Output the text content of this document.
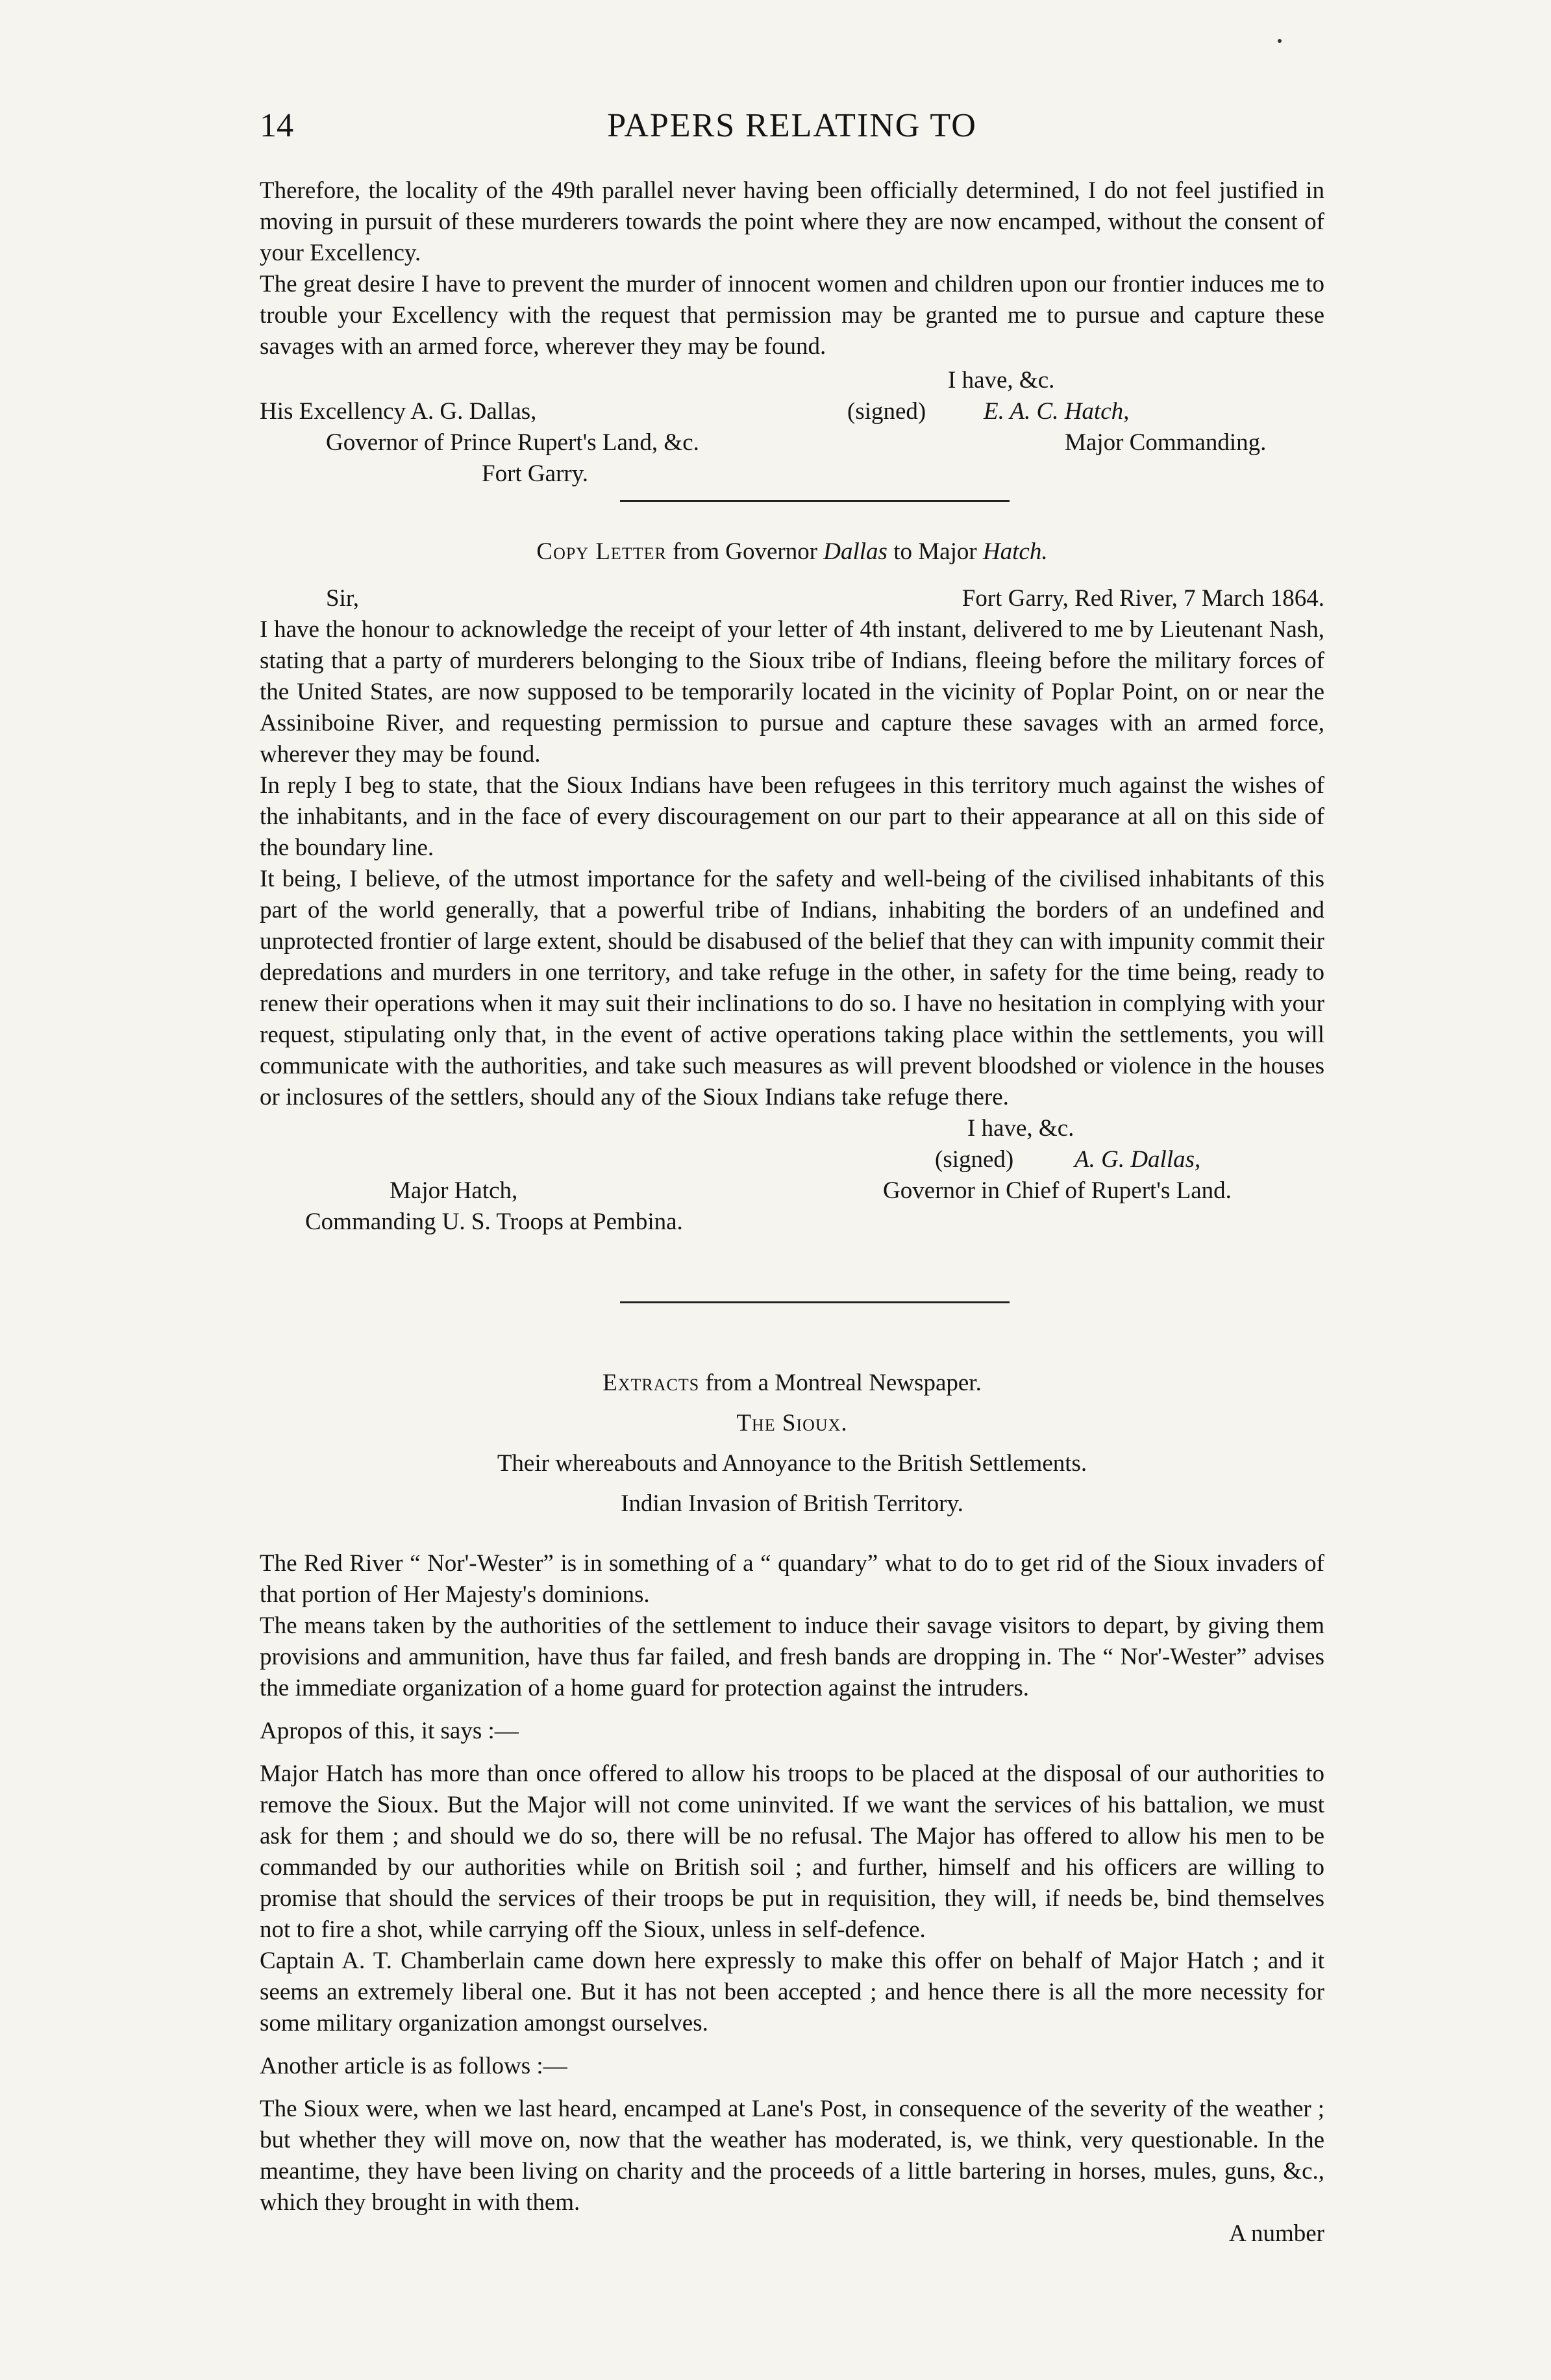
14	PAPERS RELATING TO

Therefore, the locality of the 49th parallel never having been officially determined, I do not feel justified in moving in pursuit of these murderers towards the point where they are now encamped, without the consent of your Excellency.

The great desire I have to prevent the murder of innocent women and children upon our frontier induces me to trouble your Excellency with the request that permission may be granted me to pursue and capture these savages with an armed force, wherever they may be found.

I have, &c.
His Excellency A. G. Dallas,	(signed) E. A. C. Hatch,
Governor of Prince Rupert's Land, &c.	Major Commanding.
Fort Garry.
Copy Letter from Governor Dallas to Major Hatch.
Sir,	Fort Garry, Red River, 7 March 1864.

I have the honour to acknowledge the receipt of your letter of 4th instant, delivered to me by Lieutenant Nash, stating that a party of murderers belonging to the Sioux tribe of Indians, fleeing before the military forces of the United States, are now supposed to be temporarily located in the vicinity of Poplar Point, on or near the Assiniboine River, and requesting permission to pursue and capture these savages with an armed force, wherever they may be found.

In reply I beg to state, that the Sioux Indians have been refugees in this territory much against the wishes of the inhabitants, and in the face of every discouragement on our part to their appearance at all on this side of the boundary line.

It being, I believe, of the utmost importance for the safety and well-being of the civilised inhabitants of this part of the world generally, that a powerful tribe of Indians, inhabiting the borders of an undefined and unprotected frontier of large extent, should be disabused of the belief that they can with impunity commit their depredations and murders in one territory, and take refuge in the other, in safety for the time being, ready to renew their operations when it may suit their inclinations to do so. I have no hesitation in complying with your request, stipulating only that, in the event of active operations taking place within the settlements, you will communicate with the authorities, and take such measures as will prevent bloodshed or violence in the houses or inclosures of the settlers, should any of the Sioux Indians take refuge there.

I have, &c.
(signed)	A. G. Dallas,
Major Hatch,	Governor in Chief of Rupert's Land.
Commanding U. S. Troops at Pembina.
Extracts from a Montreal Newspaper.
The Sioux.
Their whereabouts and Annoyance to the British Settlements.
Indian Invasion of British Territory.

The Red River “ Nor'-Wester” is in something of a “ quandary” what to do to get rid of the Sioux invaders of that portion of Her Majesty's dominions.

The means taken by the authorities of the settlement to induce their savage visitors to depart, by giving them provisions and ammunition, have thus far failed, and fresh bands are dropping in. The “ Nor'-Wester” advises the immediate organization of a home guard for protection against the intruders.

Apropos of this, it says :—

Major Hatch has more than once offered to allow his troops to be placed at the disposal of our authorities to remove the Sioux. But the Major will not come uninvited. If we want the services of his battalion, we must ask for them ; and should we do so, there will be no refusal. The Major has offered to allow his men to be commanded by our authorities while on British soil ; and further, himself and his officers are willing to promise that should the services of their troops be put in requisition, they will, if needs be, bind themselves not to fire a shot, while carrying off the Sioux, unless in self-defence.

Captain A. T. Chamberlain came down here expressly to make this offer on behalf of Major Hatch ; and it seems an extremely liberal one. But it has not been accepted ; and hence there is all the more necessity for some military organization amongst ourselves.

Another article is as follows :—

The Sioux were, when we last heard, encamped at Lane's Post, in consequence of the severity of the weather ; but whether they will move on, now that the weather has moderated, is, we think, very questionable. In the meantime, they have been living on charity and the proceeds of a little bartering in horses, mules, guns, &c., which they brought in with them.

A number
